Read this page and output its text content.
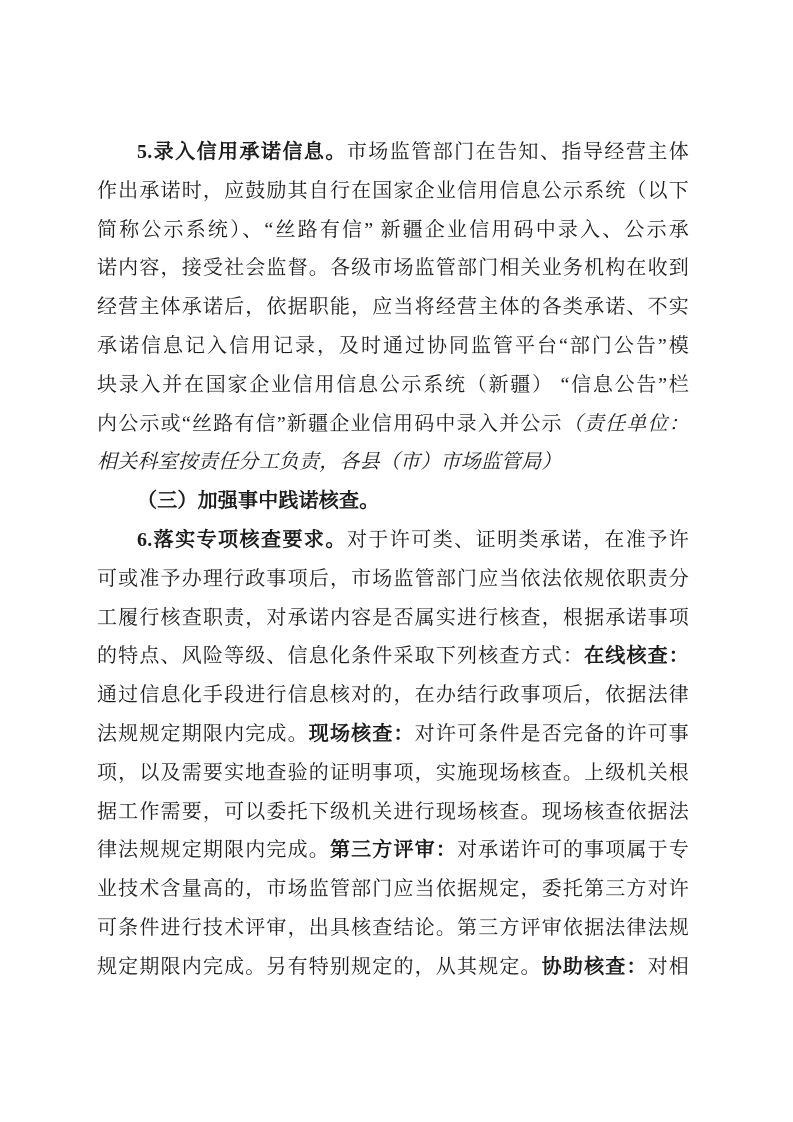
5.录入信用承诺信息。市场监管部门在告知、指导经营主体
作出承诺时，应鼓励其自行在国家企业信用信息公示系统（以下
简称公示系统）、“丝路有信” 新疆企业信用码中录入、公示承
诺内容，接受社会监督。各级市场监管部门相关业务机构在收到
经营主体承诺后，依据职能，应当将经营主体的各类承诺、不实
承诺信息记入信用记录，及时通过协同监管平台“部门公告”模
块录入并在国家企业信用信息公示系统（新疆） “信息公告”栏
内公示或“丝路有信”新疆企业信用码中录入并公示（责任单位：
相关科室按责任分工负责，各县（市）市场监管局）
（三）加强事中践诺核查。
6.落实专项核查要求。对于许可类、证明类承诺，在准予许
可或准予办理行政事项后，市场监管部门应当依法依规依职责分
工履行核查职责，对承诺内容是否属实进行核查，根据承诺事项
的特点、风险等级、信息化条件采取下列核查方式：在线核查：
通过信息化手段进行信息核对的，在办结行政事项后，依据法律
法规规定期限内完成。现场核查：对许可条件是否完备的许可事
项，以及需要实地查验的证明事项，实施现场核查。上级机关根
据工作需要，可以委托下级机关进行现场核查。现场核查依据法
律法规规定期限内完成。第三方评审：对承诺许可的事项属于专
业技术含量高的，市场监管部门应当依据规定，委托第三方对许
可条件进行技术评审，出具核查结论。第三方评审依据法律法规
规定期限内完成。另有特别规定的，从其规定。协助核查：对相
